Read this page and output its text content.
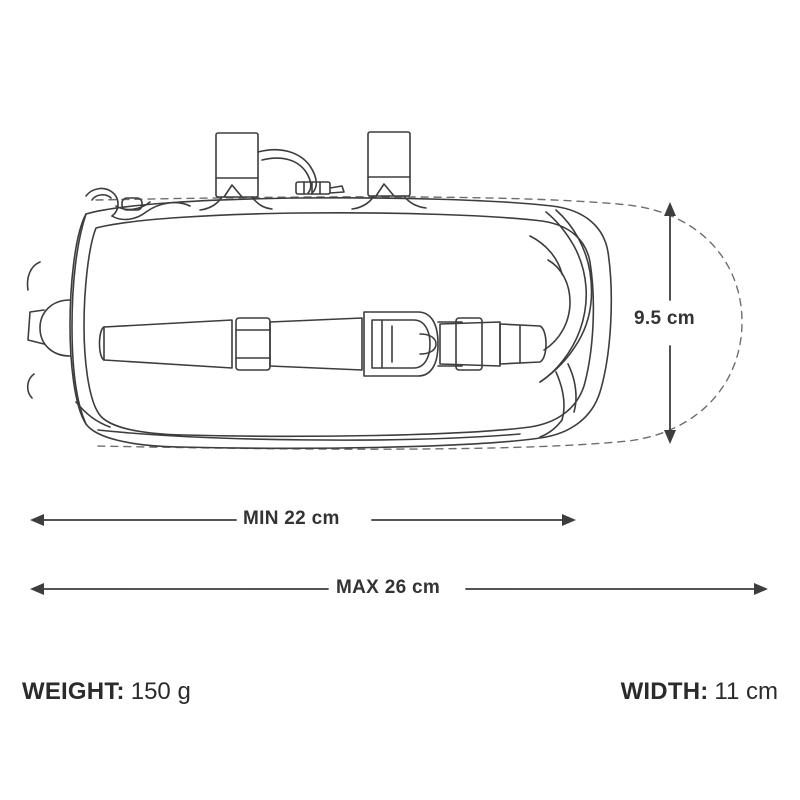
9.5 cm
MIN 22 cm
MAX 26 cm
WEIGHT: 150 g	WIDTH: 11 cm
